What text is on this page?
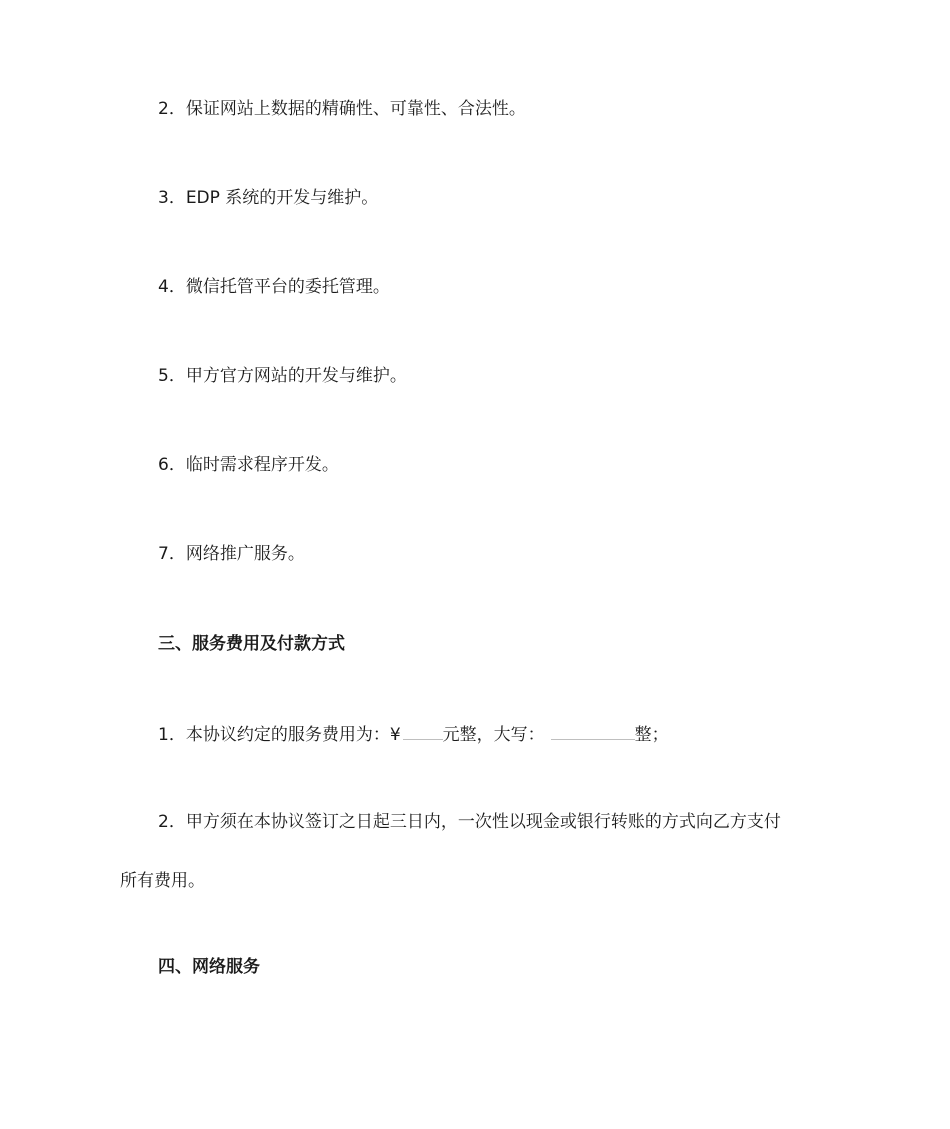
2．保证网站上数据的精确性、可靠性、合法性。
3．EDP 系统的开发与维护。
4．微信托管平台的委托管理。
5．甲方官方网站的开发与维护。
6．临时需求程序开发。
7．网络推广服务。
三、服务费用及付款方式
1．本协议约定的服务费用为：¥ 元整，大写：	整；
2．甲方须在本协议签订之日起三日内，一次性以现金或银行转账的方式向乙方支付
所有费用。
四、网络服务
